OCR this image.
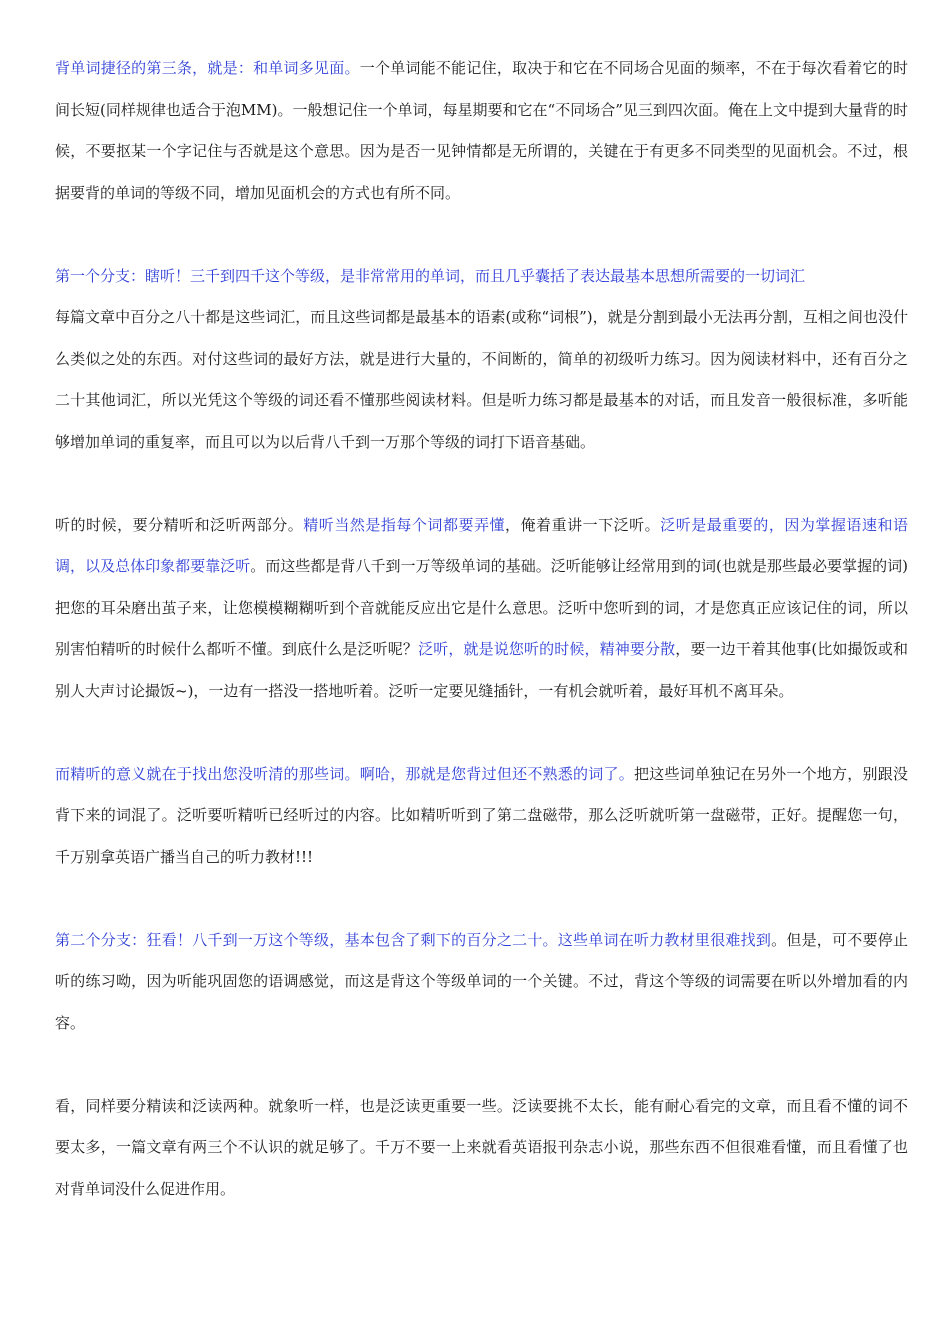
背单词捷径的第三条，就是：和单词多见面。一个单词能不能记住，取决于和它在不同场合见面的频率，不在于每次看着它的时间长短(同样规律也适合于泡MM)。一般想记住一个单词，每星期要和它在“不同场合”见三到四次面。俺在上文中提到大量背的时候，不要抠某一个字记住与否就是这个意思。因为是否一见钟情都是无所谓的，关键在于有更多不同类型的见面机会。不过，根据要背的单词的等级不同，增加见面机会的方式也有所不同。

第一个分支：瞎听！三千到四千这个等级，是非常常用的单词，而且几乎囊括了表达最基本思想所需要的一切词汇
每篇文章中百分之八十都是这些词汇，而且这些词都是最基本的语素(或称“词根”)，就是分割到最小无法再分割，互相之间也没什么类似之处的东西。对付这些词的最好方法，就是进行大量的，不间断的，简单的初级听力练习。因为阅读材料中，还有百分之二十其他词汇，所以光凭这个等级的词还看不懂那些阅读材料。但是听力练习都是最基本的对话，而且发音一般很标准，多听能够增加单词的重复率，而且可以为以后背八千到一万那个等级的词打下语音基础。

听的时候，要分精听和泛听两部分。精听当然是指每个词都要弄懂，俺着重讲一下泛听。泛听是最重要的，因为掌握语速和语调，以及总体印象都要靠泛听。而这些都是背八千到一万等级单词的基础。泛听能够让经常用到的词(也就是那些最必要掌握的词)把您的耳朵磨出茧子来，让您模模糊糊听到个音就能反应出它是什么意思。泛听中您听到的词，才是您真正应该记住的词，所以别害怕精听的时候什么都听不懂。到底什么是泛听呢？泛听，就是说您听的时候，精神要分散，要一边干着其他事(比如撮饭或和别人大声讨论撮饭~)，一边有一搭没一搭地听着。泛听一定要见缝插针，一有机会就听着，最好耳机不离耳朵。

而精听的意义就在于找出您没听清的那些词。啊哈，那就是您背过但还不熟悉的词了。把这些词单独记在另外一个地方，别跟没背下来的词混了。泛听要听精听已经听过的内容。比如精听听到了第二盘磁带，那么泛听就听第一盘磁带，正好。提醒您一句，千万别拿英语广播当自己的听力教材!!!

第二个分支：狂看！八千到一万这个等级，基本包含了剩下的百分之二十。这些单词在听力教材里很难找到。但是，可不要停止听的练习呦，因为听能巩固您的语调感觉，而这是背这个等级单词的一个关键。不过，背这个等级的词需要在听以外增加看的内容。

看，同样要分精读和泛读两种。就象听一样，也是泛读更重要一些。泛读要挑不太长，能有耐心看完的文章，而且看不懂的词不要太多，一篇文章有两三个不认识的就足够了。千万不要一上来就看英语报刊杂志小说，那些东西不但很难看懂，而且看懂了也对背单词没什么促进作用。
